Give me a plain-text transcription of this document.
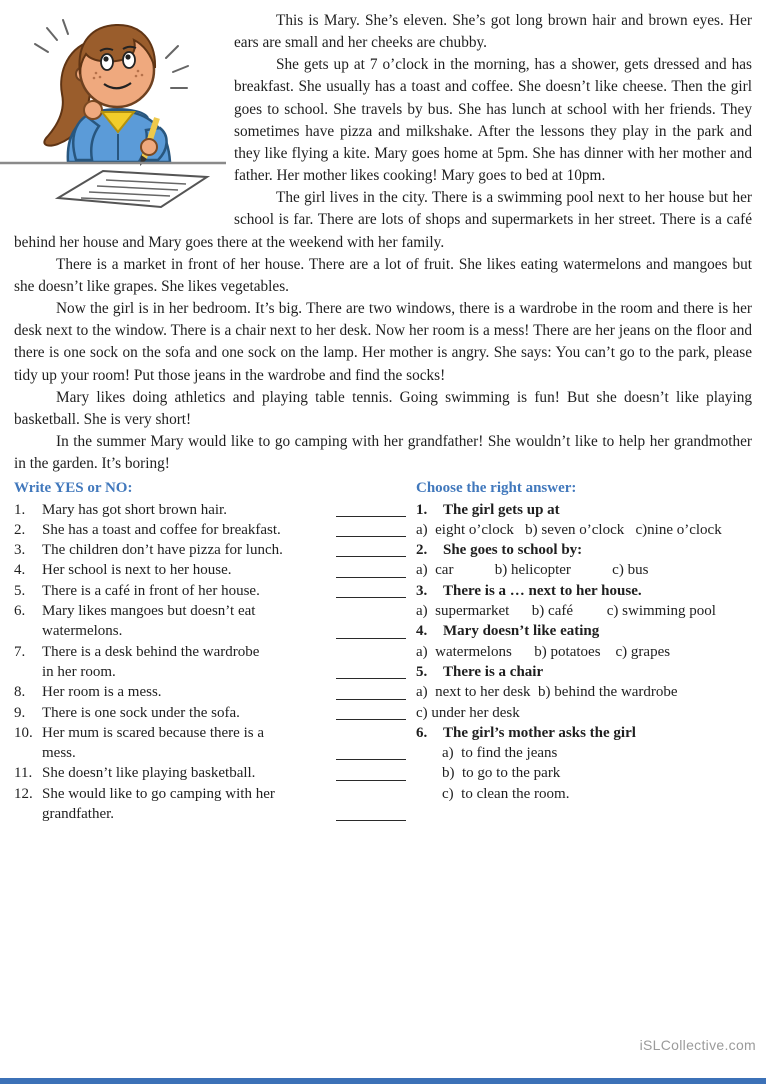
This is Mary. She’s eleven. She’s got long brown hair and brown eyes. Her ears are small and her cheeks are chubby.

She gets up at 7 o’clock in the morning, has a shower, gets dressed and has breakfast. She usually has a toast and coffee. She doesn’t like cheese. Then the girl goes to school. She travels by bus. She has lunch at school with her friends. They sometimes have pizza and milkshake. After the lessons they play in the park and they like flying a kite. Mary goes home at 5pm. She has dinner with her mother and father. Her mother likes cooking! Mary goes to bed at 10pm.

The girl lives in the city. There is a swimming pool next to her house but her school is far. There are lots of shops and supermarkets in her street. There is a café behind her house and Mary goes there at the weekend with her family.

There is a market in front of her house. There are a lot of fruit. She likes eating watermelons and mangoes but she doesn’t like grapes. She likes vegetables.

Now the girl is in her bedroom. It’s big. There are two windows, there is a wardrobe in the room and there is her desk next to the window. There is a chair next to her desk. Now her room is a mess! There are her jeans on the floor and there is one sock on the sofa and one sock on the lamp. Her mother is angry. She says: You can’t go to the park, please tidy up your room! Put those jeans in the wardrobe and find the socks!

Mary likes doing athletics and playing table tennis. Going swimming is fun! But she doesn’t like playing basketball. She is very short!

In the summer Mary would like to go camping with her grandfather! She wouldn’t like to help her grandmother in the garden. It’s boring!

Write YES or NO:
1.	Mary has got short brown hair.
2.	She has a toast and coffee for breakfast.
3.	The children don’t have pizza for lunch.
4.	Her school is next to her house.
5.	There is a café in front of her house.
6.	Mary likes mangoes but doesn’t eat
watermelons.
7.	There is a desk behind the wardrobe
in her room.
8.	Her room is a mess.
9.	There is one sock under the sofa.
10. Her mum is scared because there is a
mess.
11. She doesn’t like playing basketball.
12. She would like to go camping with her
grandfather.
Choose the right answer:
1.	The girl gets up at
a)  eight o’clock   b) seven o’clock   c)nine o’clock
2.	She goes to school by:
a)  car           b) helicopter           c) bus
3.	There is a … next to her house.
a)  supermarket      b) café         c) swimming pool
4.	Mary doesn’t like eating
a)  watermelons      b) potatoes    c) grapes
5.	There is a chair
a)  next to her desk  b) behind the wardrobe
c) under her desk
6.	The girl’s mother asks the girl
a)  to find the jeans
b)  to go to the park
c)  to clean the room.
iSLCollective.com
